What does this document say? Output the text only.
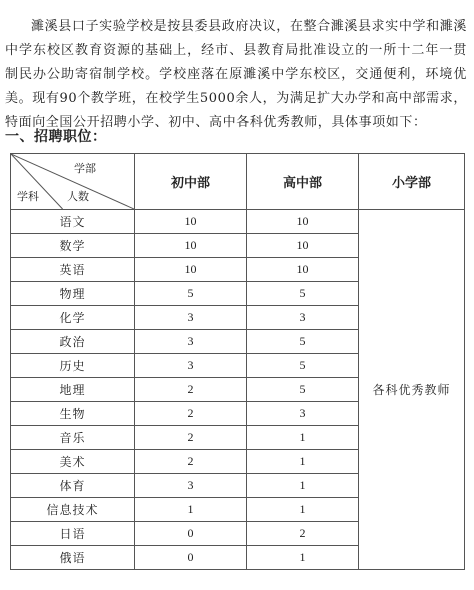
濉溪县口子实验学校是按县委县政府决议，在整合濉溪县求实中学和濉溪中学东校区教育资源的基础上，经市、县教育局批准设立的一所十二年一贯制民办公助寄宿制学校。学校座落在原濉溪中学东校区，交通便利，环境优美。现有90个教学班，在校学生5000余人，为满足扩大办学和高中部需求，特面向全国公开招聘小学、初中、高中各科优秀教师，具体事项如下：

一、招聘职位：
学部
学科 人数	初中部	高中部	小学部
语文	10	10	各科优秀教师
数学	10	10	
英语	10	10	
物理	5	5	
化学	3	3	
政治	3	5	
历史	3	5	
地理	2	5	
生物	2	3	
音乐	2	1	
美术	2	1	
体育	3	1	
信息技术	1	1	
日语	0	2	
俄语	0	1	
